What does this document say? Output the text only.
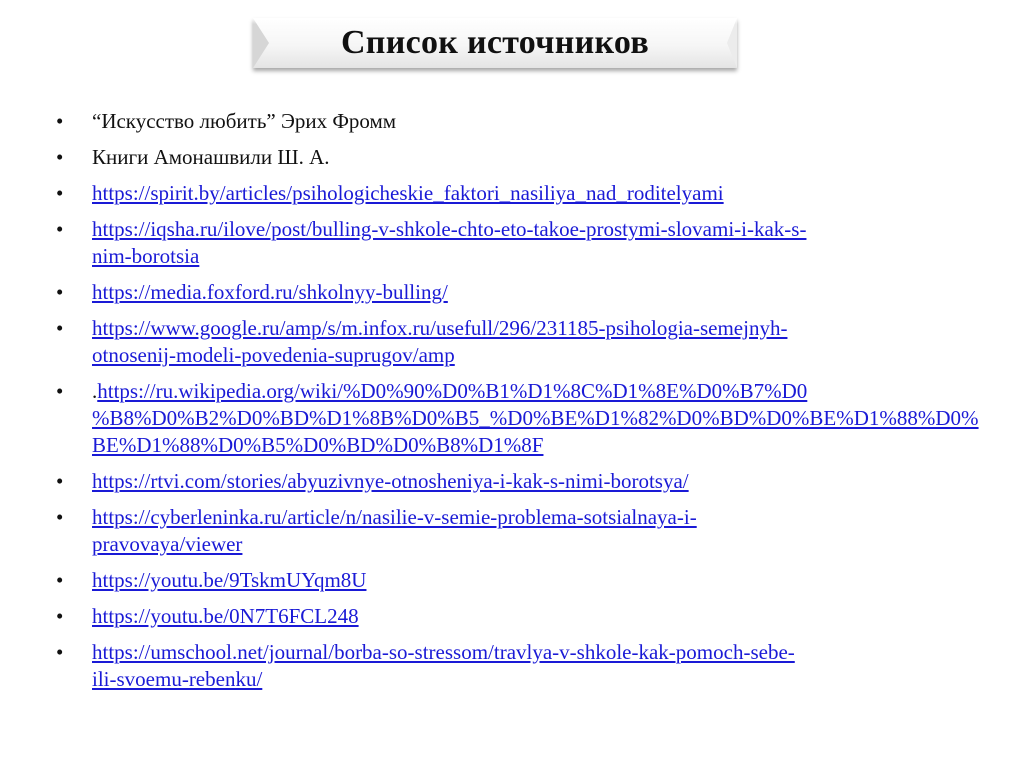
Список источников
• “Искусство любить” Эрих Фромм
• Книги Амонашвили Ш. А.
• https://spirit.by/articles/psihologicheskie_faktori_nasiliya_nad_roditelyami
• https://iqsha.ru/ilove/post/bulling-v-shkole-chto-eto-takoe-prostymi-slovami-i-kak-s-
nim-borotsia
• https://media.foxford.ru/shkolnyy-bulling/
• https://www.google.ru/amp/s/m.infox.ru/usefull/296/231185-psihologia-semejnyh-
otnosenij-modeli-povedenia-suprugov/amp
• .https://ru.wikipedia.org/wiki/%D0%90%D0%B1%D1%8C%D1%8E%D0%B7%D0
%B8%D0%B2%D0%BD%D1%8B%D0%B5_%D0%BE%D1%82%D0%BD%D0%BE%D1%88%D0%
BE%D1%88%D0%B5%D0%BD%D0%B8%D1%8F
• https://rtvi.com/stories/abyuzivnye-otnosheniya-i-kak-s-nimi-borotsya/
• https://cyberleninka.ru/article/n/nasilie-v-semie-problema-sotsialnaya-i-
pravovaya/viewer
• https://youtu.be/9TskmUYqm8U
• https://youtu.be/0N7T6FCL248
• https://umschool.net/journal/borba-so-stressom/travlya-v-shkole-kak-pomoch-sebe-
ili-svoemu-rebenku/
